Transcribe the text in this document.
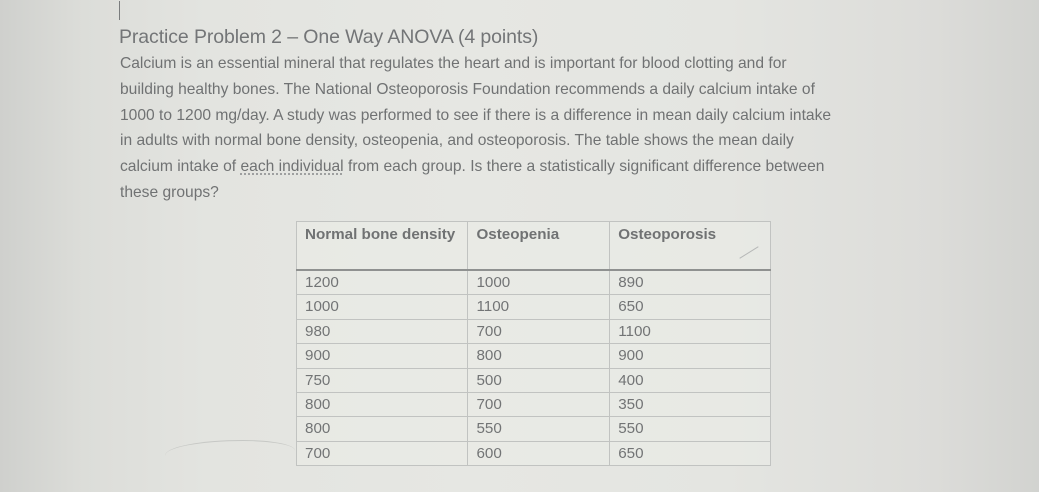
Practice Problem 2 – One Way ANOVA (4 points)
Calcium is an essential mineral that regulates the heart and is important for blood clotting and for
building healthy bones. The National Osteoporosis Foundation recommends a daily calcium intake of
1000 to 1200 mg/day. A study was performed to see if there is a difference in mean daily calcium intake
in adults with normal bone density, osteopenia, and osteoporosis. The table shows the mean daily
calcium intake of each individual from each group. Is there a statistically significant difference between
these groups?
Normal bone density	Osteopenia	Osteoporosis
1200	1000	890
1000	1100	650
980	700	1100
900	800	900
750	500	400
800	700	350
800	550	550
700	600	650
